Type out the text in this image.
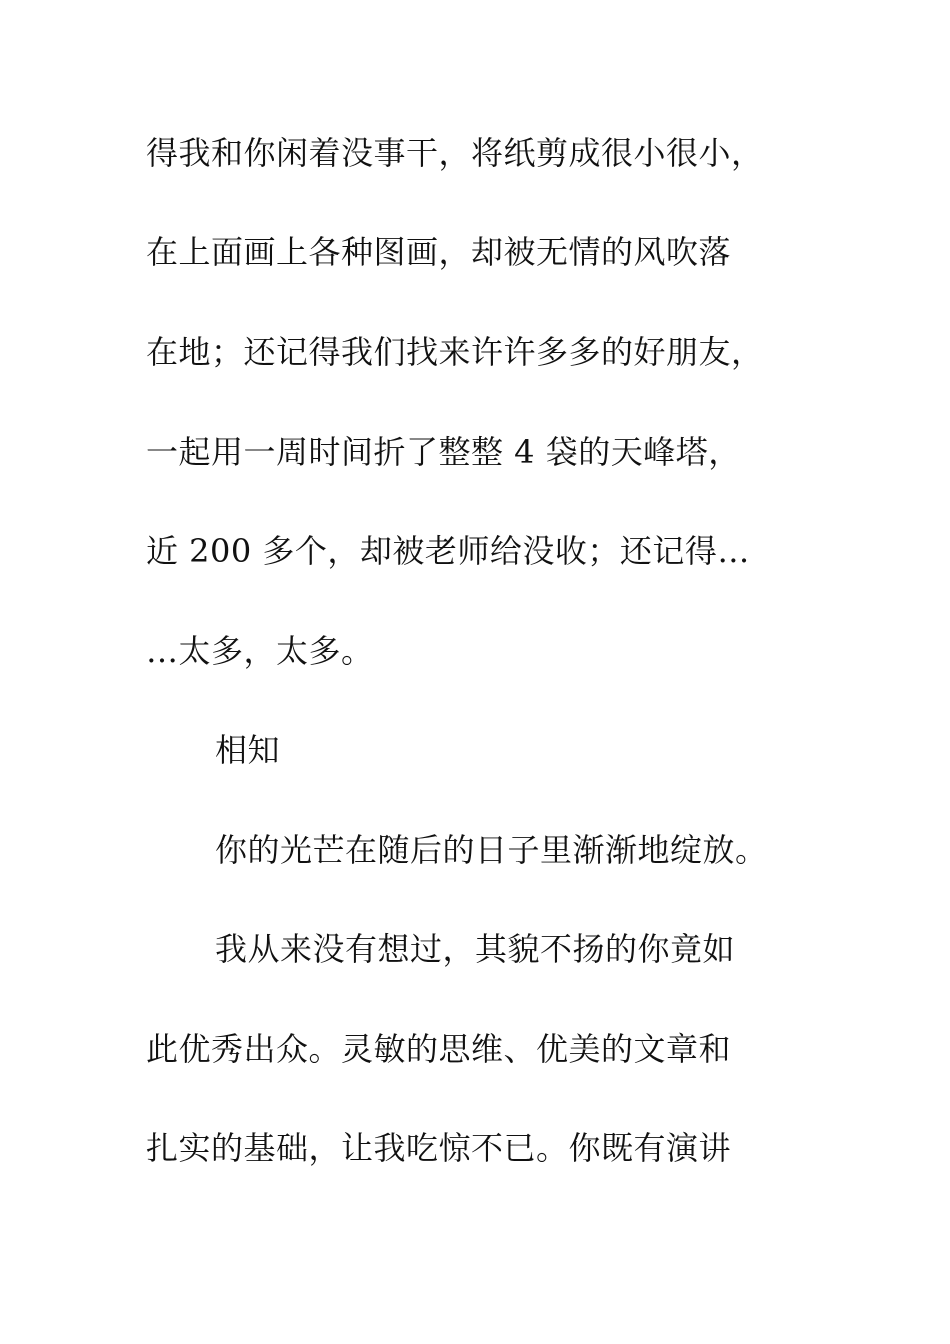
得我和你闲着没事干，将纸剪成很小很小，
在上面画上各种图画，却被无情的风吹落
在地；还记得我们找来许许多多的好朋友，
一起用一周时间折了整整 4 袋的天峰塔，
近 200 多个，却被老师给没收；还记得…
…太多，太多。
相知
你的光芒在随后的日子里渐渐地绽放。
我从来没有想过，其貌不扬的你竟如
此优秀出众。灵敏的思维、优美的文章和
扎实的基础，让我吃惊不已。你既有演讲
